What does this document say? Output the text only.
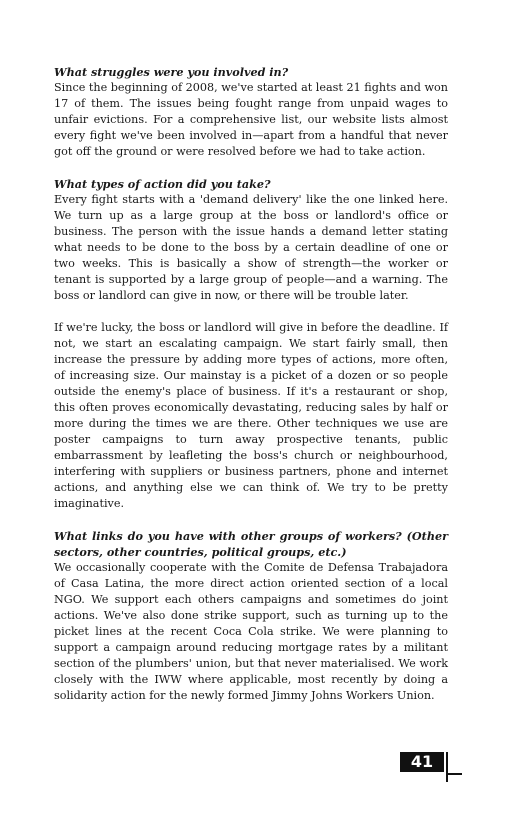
What struggles were you involved in?

Since the beginning of 2008, we've started at least 21 fights and won 17 of them. The issues being fought range from unpaid wages to unfair evictions. For a comprehensive list, our website lists almost every fight we've been involved in—apart from a handful that never got off the ground or were resolved before we had to take action.

What types of action did you take?

Every fight starts with a 'demand delivery' like the one linked here. We turn up as a large group at the boss or landlord's office or business. The person with the issue hands a demand letter stating what needs to be done to the boss by a certain deadline of one or two weeks. This is basically a show of strength—the worker or tenant is supported by a large group of people—and a warning. The boss or landlord can give in now, or there will be trouble later.

If we're lucky, the boss or landlord will give in before the deadline. If not, we start an escalating campaign. We start fairly small, then increase the pressure by adding more types of actions, more often, of increasing size. Our mainstay is a picket of a dozen or so people outside the enemy's place of business. If it's a restaurant or shop, this often proves economically devastating, reducing sales by half or more during the times we are there. Other techniques we use are poster campaigns to turn away prospective tenants, public embarrassment by leafleting the boss's church or neighbourhood, interfering with suppliers or business partners, phone and internet actions, and anything else we can think of. We try to be pretty imaginative.

What links do you have with other groups of workers? (Other sectors, other countries, political groups, etc.)

We occasionally cooperate with the Comite de Defensa Trabajadora of Casa Latina, the more direct action oriented section of a local NGO. We support each others campaigns and sometimes do joint actions. We've also done strike support, such as turning up to the picket lines at the recent Coca Cola strike. We were planning to support a campaign around reducing mortgage rates by a militant section of the plumbers' union, but that never materialised. We work closely with the IWW where applicable, most recently by doing a solidarity action for the newly formed Jimmy Johns Workers Union.

41
